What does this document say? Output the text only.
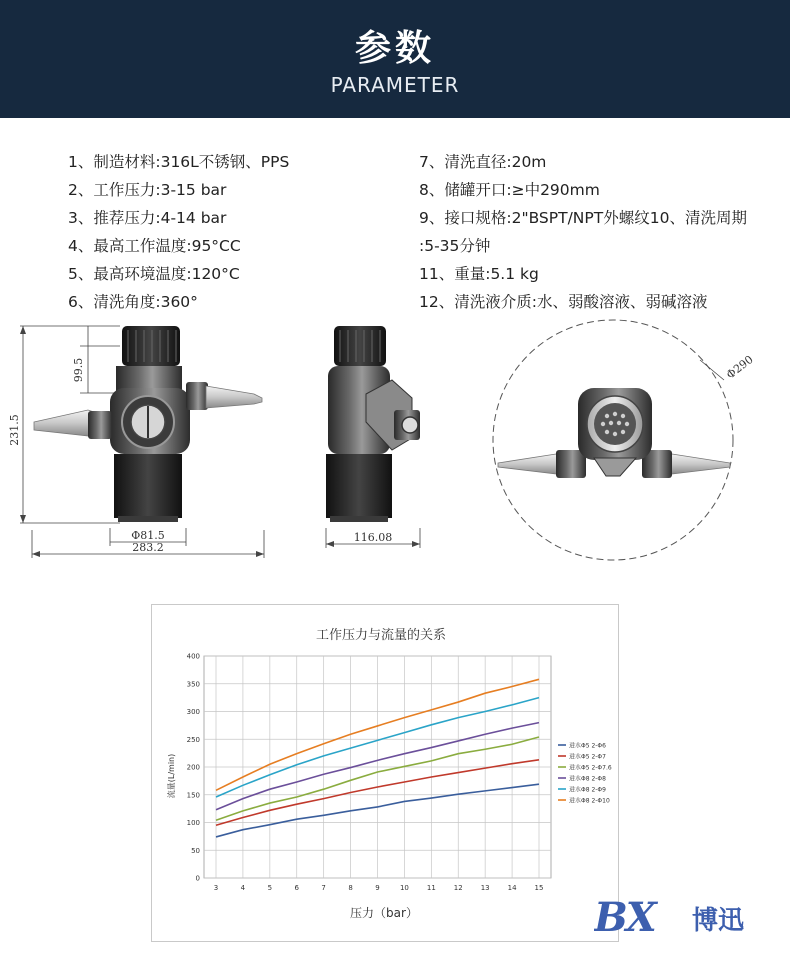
参数
PARAMETER
1、制造材料:316L不锈钢、PPS
2、工作压力:3-15 bar
3、推荐压力:4-14 bar
4、最高工作温度:95°CC
5、最高环境温度:120°C
6、清洗角度:360°
7、清洗直径:20m
8、储罐开口:≥中290mm
9、接口规格:2"BSPT/NPT外螺纹10、清洗周期
:5-35分钟
11、重量:5.1 kg
12、清洗液介质:水、弱酸溶液、弱碱溶液
231.5
99.5
Φ81.5
283.2
116.08
Φ290
工作压力与流量的关系
0
50
100
150
200
250
300
350
400
3	4	5	6	7	8	9	10	11	12	13	14	15
进水Φ5 2-Φ6
进水Φ5 2-Φ7
进水Φ5 2-Φ7.6
进水Φ8 2-Φ8
进水Φ8 2-Φ9
进水Φ8 2-Φ10
流量(L/min)
压力（bar）	BX 博迅
